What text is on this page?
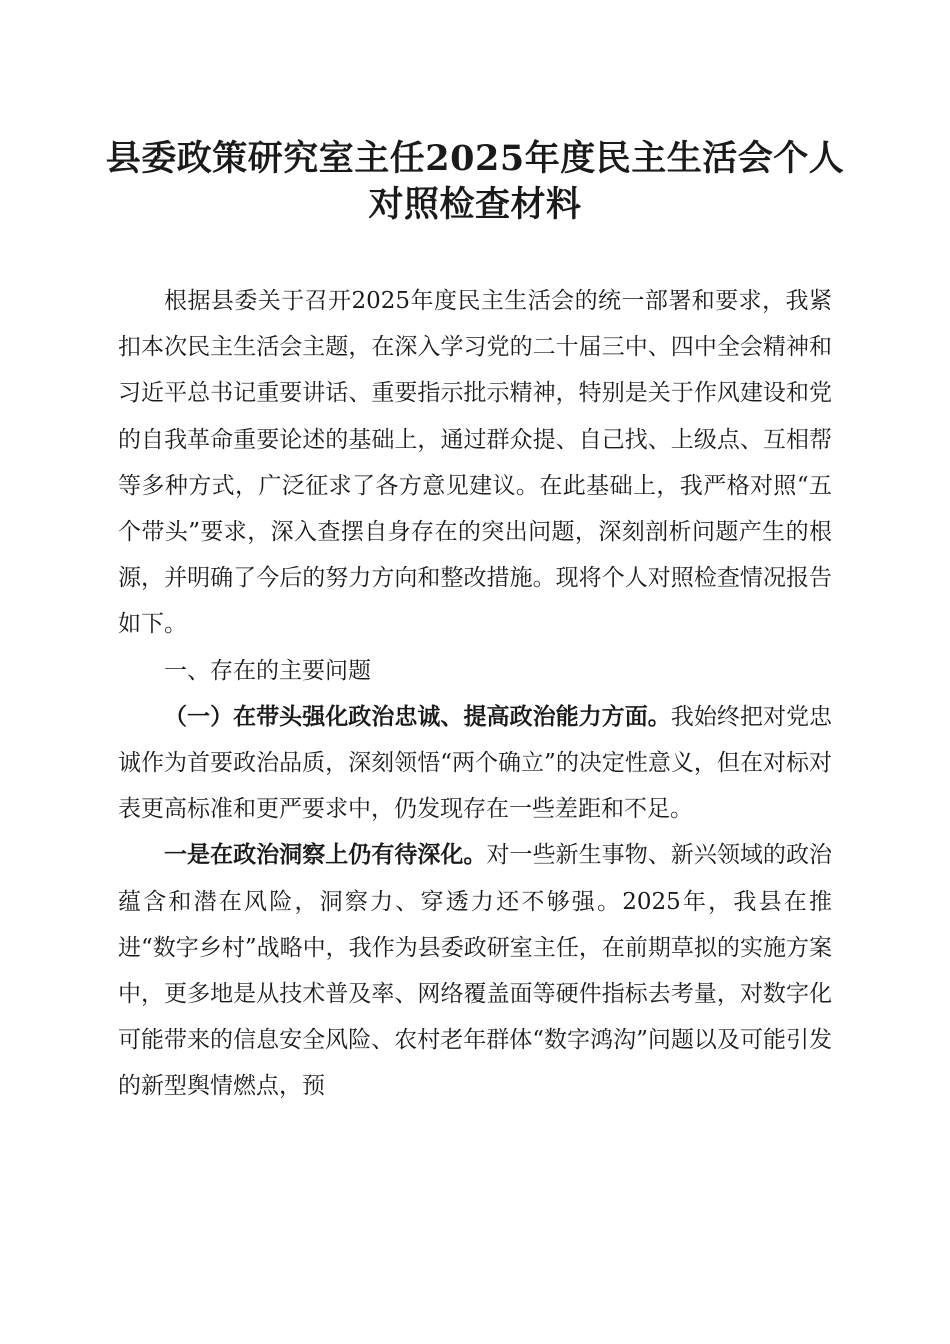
县委政策研究室主任2025年度民主生活会个人对照检查材料

根据县委关于召开2025年度民主生活会的统一部署和要求，我紧扣本次民主生活会主题，在深入学习党的二十届三中、四中全会精神和习近平总书记重要讲话、重要指示批示精神，特别是关于作风建设和党的自我革命重要论述的基础上，通过群众提、自己找、上级点、互相帮等多种方式，广泛征求了各方意见建议。在此基础上，我严格对照“五个带头”要求，深入查摆自身存在的突出问题，深刻剖析问题产生的根源，并明确了今后的努力方向和整改措施。现将个人对照检查情况报告如下。

一、存在的主要问题

（一）在带头强化政治忠诚、提高政治能力方面。我始终把对党忠诚作为首要政治品质，深刻领悟“两个确立”的决定性意义，但在对标对表更高标准和更严要求中，仍发现存在一些差距和不足。

一是在政治洞察上仍有待深化。对一些新生事物、新兴领域的政治蕴含和潜在风险，洞察力、穿透力还不够强。2025年，我县在推进“数字乡村”战略中，我作为县委政研室主任，在前期草拟的实施方案中，更多地是从技术普及率、网络覆盖面等硬件指标去考量，对数字化可能带来的信息安全风险、农村老年群体“数字鸿沟”问题以及可能引发的新型舆情燃点，预
